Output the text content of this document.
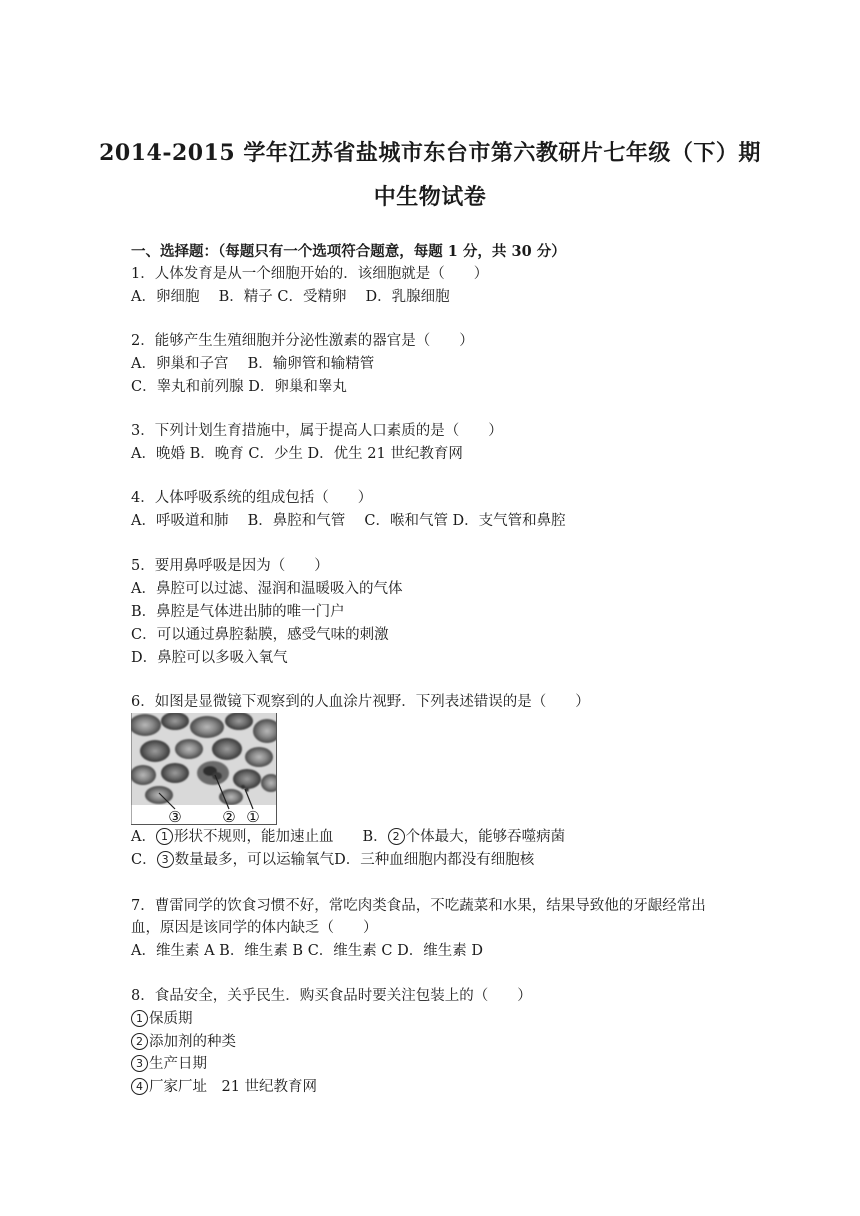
2014-2015 学年江苏省盐城市东台市第六教研片七年级（下）期
中生物试卷
一、选择题：（每题只有一个选项符合题意，每题 1 分，共 30 分）
1．人体发育是从一个细胞开始的．该细胞就是（　　）
A．卵细胞　 B．精子 C．受精卵　 D．乳腺细胞
2．能够产生生殖细胞并分泌性激素的器官是（　　）
A．卵巢和子宫　 B．输卵管和输精管
C．睾丸和前列腺 D．卵巢和睾丸
3．下列计划生育措施中，属于提高人口素质的是（　　）
A．晚婚 B．晚育 C．少生 D．优生 21 世纪教育网
4．人体呼吸系统的组成包括（　　）
A．呼吸道和肺　 B．鼻腔和气管　 C．喉和气管 D．支气管和鼻腔
5．要用鼻呼吸是因为（　　）
A．鼻腔可以过滤、湿润和温暖吸入的气体
B．鼻腔是气体进出肺的唯一门户
C．可以通过鼻腔黏膜，感受气味的刺激
D．鼻腔可以多吸入氧气
6．如图是显微镜下观察到的人血涂片视野．下列表述错误的是（　　）
③	② ①
A． 1 形状不规则，能加速止血　　B． 2 个体最大，能够吞噬病菌
C． 3 数量最多，可以运输氧气D．三种血细胞内都没有细胞核
7．曹雷同学的饮食习惯不好，常吃肉类食品，不吃蔬菜和水果，结果导致他的牙龈经常出
血，原因是该同学的体内缺乏（　　）
A．维生素 A B．维生素 B C．维生素 C D．维生素 D
8．食品安全，关乎民生．购买食品时要关注包装上的（　　）
1 保质期
2 添加剂的种类
3 生产日期
4 厂家厂址　21 世纪教育网
